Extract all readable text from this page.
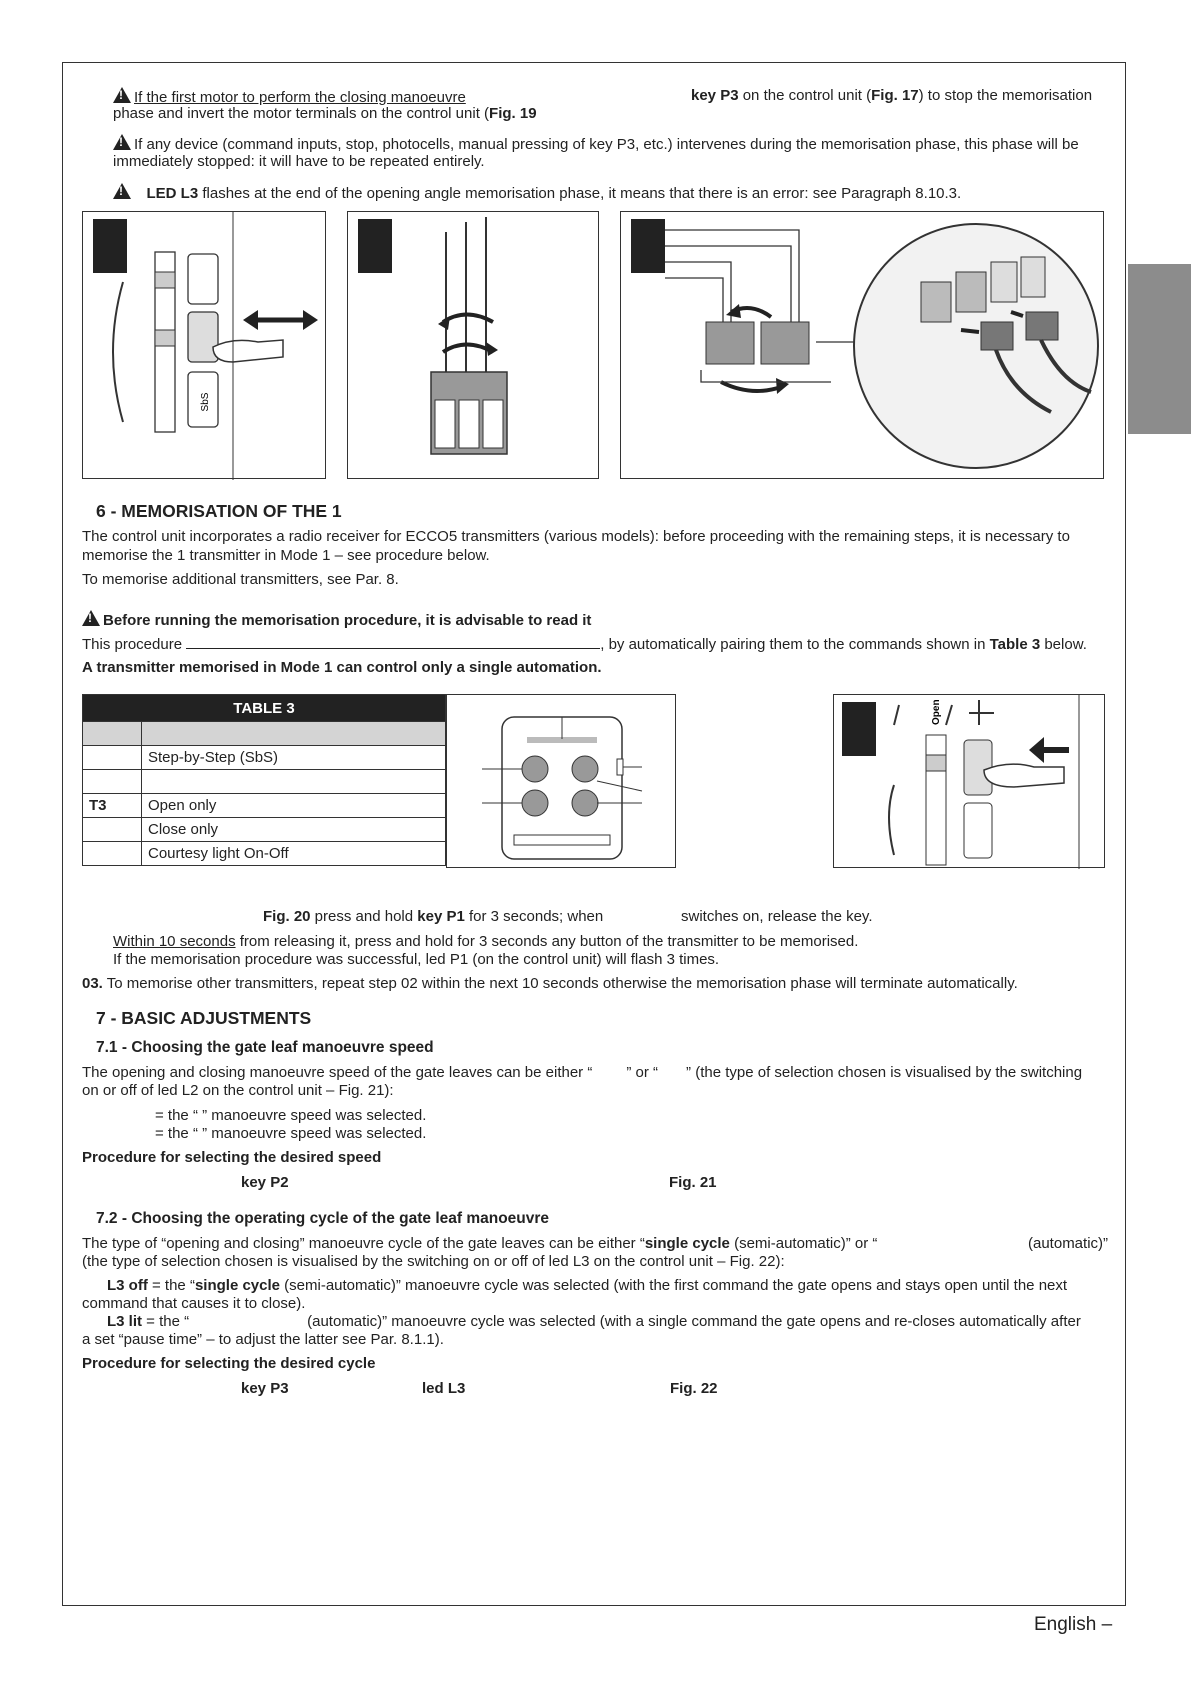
!If the first motor to perform the closing manoeuvre
phase and invert the motor terminals on the control unit (Fig. 19
key P3 on the control unit (Fig. 17) to stop the memorisation
!If any device (command inputs, stop, photocells, manual pressing of key P3, etc.) intervenes during the memorisation phase, this phase will be
immediately stopped: it will have to be repeated entirely.
!   LED L3 flashes at the end of the opening angle memorisation phase, it means that there is an error: see Paragraph 8.10.3.
SbS
6 - MEMORISATION OF THE 1
The control unit incorporates a radio receiver for ECCO5 transmitters (various models): before proceeding with the remaining steps, it is necessary to
memorise the 1 transmitter in Mode 1 – see procedure below.
To memorise additional transmitters, see Par. 8.
!Before running the memorisation procedure, it is advisable to read it
This procedure	, by automatically pairing them to the commands shown in Table 3 below.
A transmitter memorised in Mode 1 can control only a single automation.
TABLE 3	

	Step-by-Step (SbS)

T3	Open only
	Close only
	Courtesy light On-Off
Open
Fig. 20 press and hold key P1 for 3 seconds; when	switches on, release the key.
Within 10 seconds from releasing it, press and hold for 3 seconds any button of the transmitter to be memorised.
If the memorisation procedure was successful, led P1 (on the control unit) will flash 3 times.
03. To memorise other transmitters, repeat step 02 within the next 10 seconds otherwise the memorisation phase will terminate automatically.
7 - BASIC ADJUSTMENTS
7.1 - Choosing the gate leaf manoeuvre speed
The opening and closing manoeuvre speed of the gate leaves can be either “ ” or “ ” (the type of selection chosen is visualised by the switching
on or off of led L2 on the control unit – Fig. 21):
= the “ ” manoeuvre speed was selected.
= the “ ” manoeuvre speed was selected.
Procedure for selecting the desired speed
key P2	Fig. 21
7.2 - Choosing the operating cycle of the gate leaf manoeuvre
The type of “opening and closing” manoeuvre cycle of the gate leaves can be either “single cycle (semi-automatic)” or “	(automatic)”
(the type of selection chosen is visualised by the switching on or off of led L3 on the control unit – Fig. 22):
L3 off = the “single cycle (semi-automatic)” manoeuvre cycle was selected (with the first command the gate opens and stays open until the next
command that causes it to close).
L3 lit = the “	(automatic)” manoeuvre cycle was selected (with a single command the gate opens and re-closes automatically after
a set “pause time” – to adjust the latter see Par. 8.1.1).
Procedure for selecting the desired cycle
key P3	led L3	Fig. 22
English –
